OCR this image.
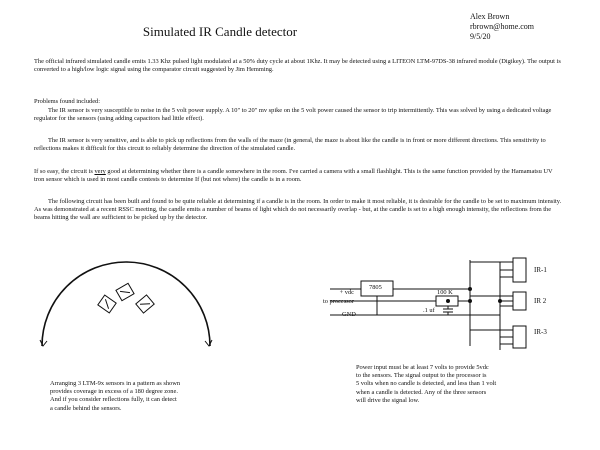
Simulated IR Candle detector
Alex Brown
rbrown@home.com
9/5/20
The official infrared simulated candle emits 1.33 Khz pulsed light modulated at a 50% duty cycle at about 1Khz. It may be detected using a LITEON LTM-97DS-38 infrared module (Digikey). The output is converted to a high/low logic signal using the comparator circuit suggested by Jim Hemming.
Problems found included:
The IR sensor is very susceptible to noise in the 5 volt power supply. A 10" to 20" mv spike on the 5 volt power caused the sensor to trip intermittently. This was solved by using a dedicated voltage regulator for the sensors (using adding capacitors had little effect).
The IR sensor is very sensitive, and is able to pick up reflections from the walls of the maze (in general, the maze is about like the candle is in front or more different directions. This sensitivity to reflections makes it difficult for this circuit to reliably determine the direction of the simulated candle.
If so easy, the circuit is very good at determining whether there is a candle somewhere in the room. I've carried a camera with a small flashlight. This is the same function provided by the Hamamatsu UV tron sensor which is used in most candle contests to determine If (but not where) the candle is in a room.
The following circuit has been built and found to be quite reliable at determining if a candle is in the room. In order to make it most reliable, it is desirable for the candle to be set to maximum intensity. As was demonstrated at a recent RSSC meeting, the candle emits a number of beams of light which do not necessarily overlap - but, at the candle is set to a high enough intensity, the reflections from the beams hitting the wall are sufficient to be picked up by the detector.
+ vdc
to processor
GND
7805
100 K
.1 uf
IR-1
IR 2
IR-3
Arranging 3 LTM-9x sensors in a pattern as shown
provides coverage in excess of a 180 degree zone.
And if you consider reflections fully, it can detect
a candle behind the sensors.
Power input must be at least 7 volts to provide 5vdc
to the sensors. The signal output to the processor is
5 volts when no candle is detected, and less than 1 volt
when a candle is detected. Any of the three sensors
will drive the signal low.
